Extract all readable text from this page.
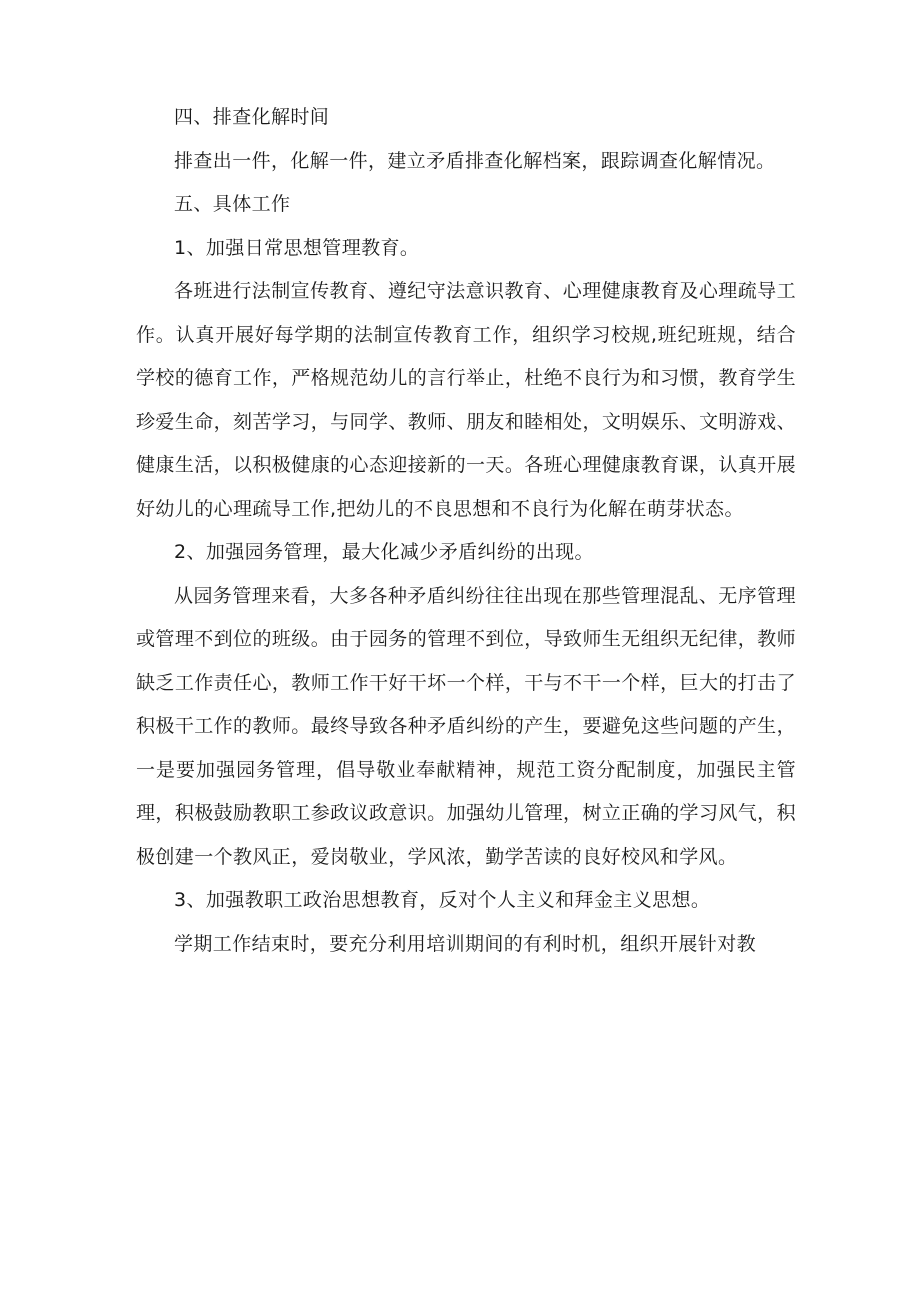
四、排查化解时间

排查出一件，化解一件，建立矛盾排查化解档案，跟踪调查化解情况。

五、具体工作

1、加强日常思想管理教育。

各班进行法制宣传教育、遵纪守法意识教育、心理健康教育及心理疏导工作。认真开展好每学期的法制宣传教育工作，组织学习校规,班纪班规，结合学校的德育工作，严格规范幼儿的言行举止，杜绝不良行为和习惯，教育学生珍爱生命，刻苦学习，与同学、教师、朋友和睦相处，文明娱乐、文明游戏、健康生活，以积极健康的心态迎接新的一天。各班心理健康教育课，认真开展好幼儿的心理疏导工作,把幼儿的不良思想和不良行为化解在萌芽状态。

2、加强园务管理，最大化减少矛盾纠纷的出现。

从园务管理来看，大多各种矛盾纠纷往往出现在那些管理混乱、无序管理或管理不到位的班级。由于园务的管理不到位，导致师生无组织无纪律，教师缺乏工作责任心，教师工作干好干坏一个样，干与不干一个样，巨大的打击了积极干工作的教师。最终导致各种矛盾纠纷的产生，要避免这些问题的产生，一是要加强园务管理，倡导敬业奉献精神，规范工资分配制度，加强民主管理，积极鼓励教职工参政议政意识。加强幼儿管理，树立正确的学习风气，积极创建一个教风正，爱岗敬业，学风浓，勤学苦读的良好校风和学风。

3、加强教职工政治思想教育，反对个人主义和拜金主义思想。

学期工作结束时，要充分利用培训期间的有利时机，组织开展针对教
